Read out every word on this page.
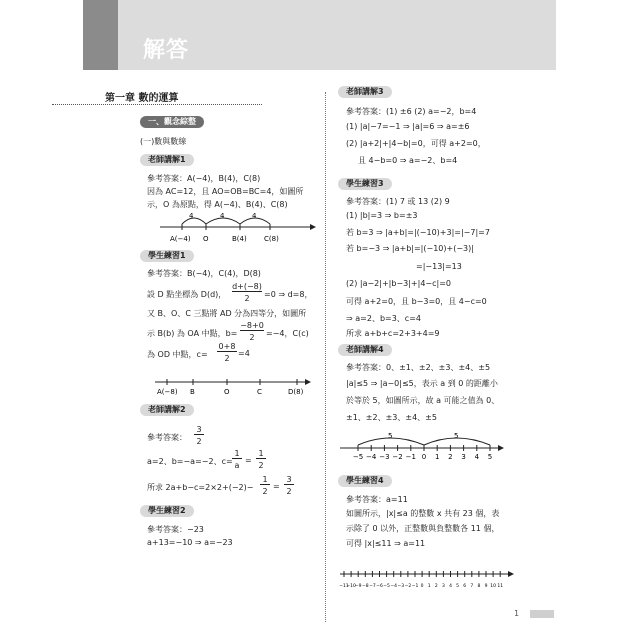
解答
第一章 數的運算
一、觀念綜整
(一)數與數線
老師講解1
參考答案：A(−4)，B(4)，C(8)
因為 AC=12，且 AO=OB=BC=4，如圖所
示，O 為原點，得 A(−4)、B(4)、C(8)
4	4	4
A(−4) O	B(4) C(8)
學生練習1
參考答案：B(−4)，C(4)，D(8)
設 D 點坐標為 D(d)，
d+(−8)
2	=0 ⇒ d=8，
又 B、O、C 三點將 AD 分為四等分，如圖所
示 B(b) 為 OA 中點，b=
−8+0
2	=−4，C(c)
為 OD 中點，c=
0+8
2
=4
A(−8) B	O	C	D(8)
老師講解2
參考答案：
3
2
a=2、b=−a=−2、c=
1
a
=
1
2
所求 2a+b−c=2×2+(−2)−
1
2
=
3
2
學生練習2
參考答案：−23
a+13=−10 ⇒ a=−23
老師講解3
參考答案：(1) ±6 (2) a=−2，b=4
(1) |a|−7=−1 ⇒ |a|=6 ⇒ a=±6
(2) |a+2|+|4−b|=0，可得 a+2=0，
且 4−b=0 ⇒ a=−2、b=4
學生練習3
參考答案：(1) 7 或 13 (2) 9
(1) |b|=3 ⇒ b=±3
若 b=3 ⇒ |a+b|=|(−10)+3|=|−7|=7
若 b=−3 ⇒ |a+b|=|(−10)+(−3)|
=|−13|=13
(2) |a−2|+|b−3|+|4−c|=0
可得 a+2=0，且 b−3=0，且 4−c=0
⇒ a=2、b=3、c=4
所求 a+b+c=2+3+4=9
老師講解4
參考答案：0、±1、±2、±3、±4、±5
|a|≤5 ⇒ |a−0|≤5，表示 a 到 0 的距離小
於等於 5，如圖所示，故 a 可能之值為 0、
±1、±2、±3、±4、±5
5	5
−5 −4 −3 −2 −1 0 1 2 3 4 5
學生練習4
參考答案：a=11
如圖所示，|x|≤a 的整數 x 共有 23 個，表
示除了 0 以外，正整數與負整數各 11 個，
可得 |x|≤11 ⇒ a=11
−11
−10 −9 −8 −7 −6 −5 −4 −3 −2 −1 0 1 2 3 4 5 6 7 8 9 10 11
1
